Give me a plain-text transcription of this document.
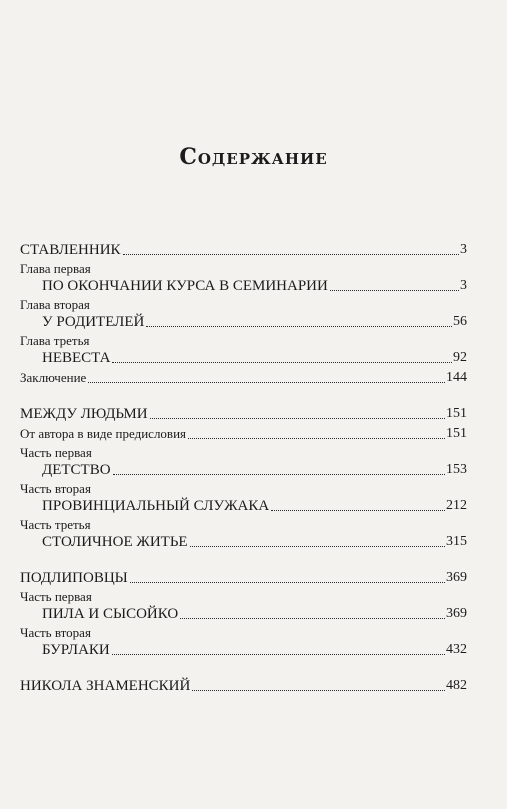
Содержание
СТАВЛЕННИК	3
Глава первая
ПО ОКОНЧАНИИ КУРСА В СЕМИНАРИИ	3
Глава вторая
У РОДИТЕЛЕЙ	56
Глава третья
НЕВЕСТА	92
Заключение	144
МЕЖДУ ЛЮДЬМИ	151
От автора в виде предисловия	151
Часть первая
ДЕТСТВО	153
Часть вторая
ПРОВИНЦИАЛЬНЫЙ СЛУЖАКА	212
Часть третья
СТОЛИЧНОЕ ЖИТЬЕ	315
ПОДЛИПОВЦЫ	369
Часть первая
ПИЛА И СЫСОЙКО	369
Часть вторая
БУРЛАКИ	432
НИКОЛА ЗНАМЕНСКИЙ	482
